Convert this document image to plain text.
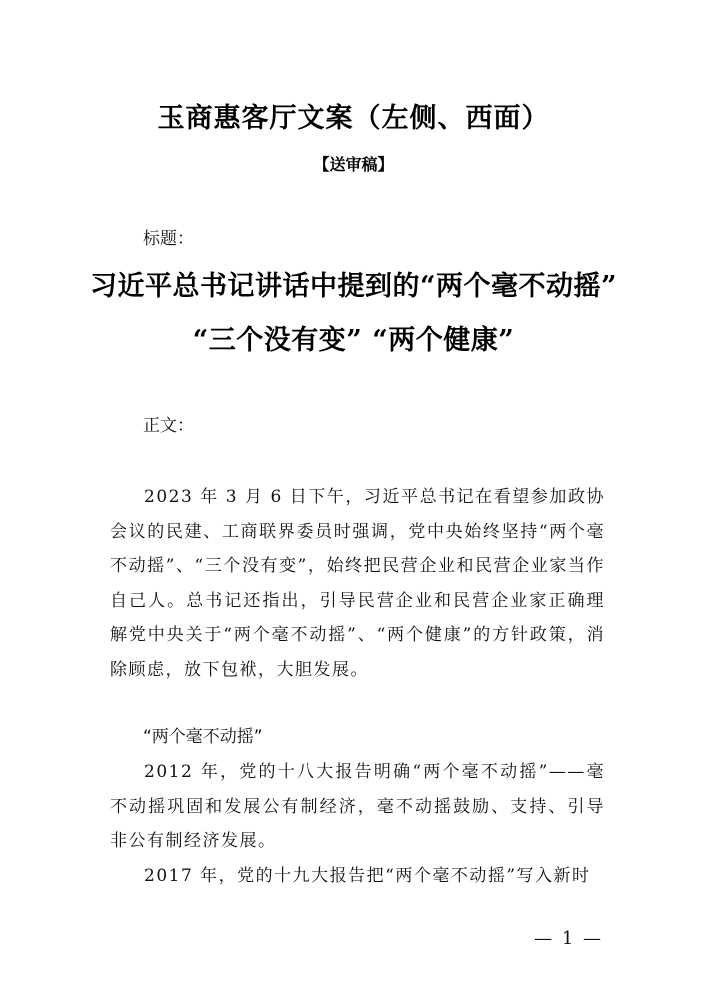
玉商惠客厅文案（左侧、西面）
【送审稿】
标题：
习近平总书记讲话中提到的“两个毫不动摇”
“三个没有变” “两个健康”
正文：

2023 年 3 月 6 日下午，习近平总书记在看望参加政协会议的民建、工商联界委员时强调，党中央始终坚持“两个毫不动摇”、“三个没有变”，始终把民营企业和民营企业家当作自己人。总书记还指出，引导民营企业和民营企业家正确理解党中央关于“两个毫不动摇”、“两个健康”的方针政策，消除顾虑，放下包袱，大胆发展。

“两个毫不动摇”

2012 年，党的十八大报告明确“两个毫不动摇”——毫不动摇巩固和发展公有制经济，毫不动摇鼓励、支持、引导非公有制经济发展。

2017 年，党的十九大报告把“两个毫不动摇”写入新时

— 1 —
